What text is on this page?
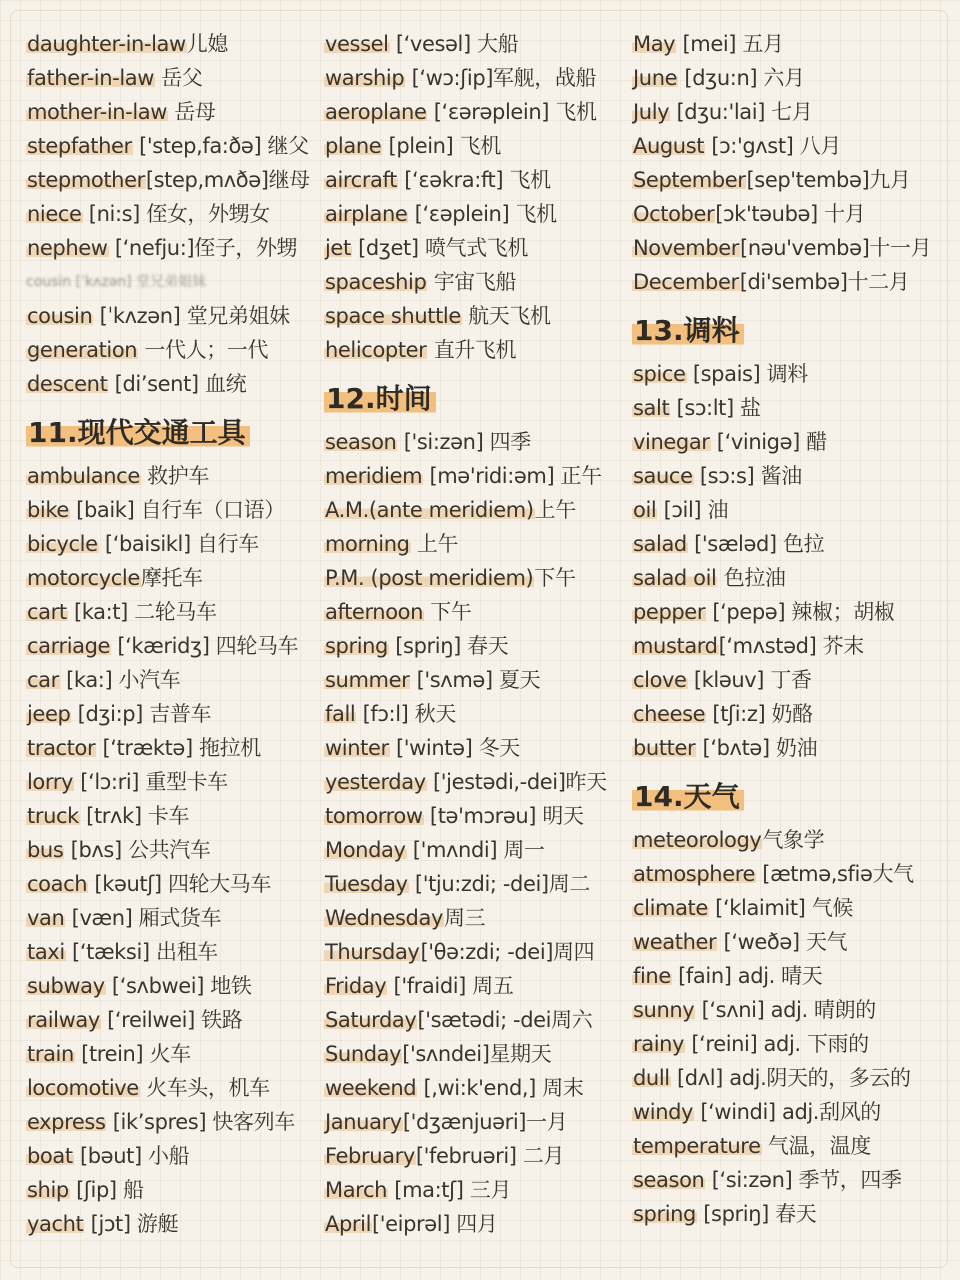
daughter-in-law儿媳
father-in-law 岳父
mother-in-law 岳母
stepfather ['step,fa:ðə] 继父
stepmother[step,mʌðə]继母
niece [ni:s] 侄女，外甥女
nephew [‘nefju:]侄子，外甥
cousin [ˈkʌzən] 堂兄弟姐妹
cousin [ˈkʌzən] 堂兄弟姐妹
generation 一代人；一代
descent [di’sent] 血统
11.现代交通工具
ambulance 救护车
bike [baik] 自行车（口语）
bicycle [‘baisikl] 自行车
motorcycle摩托车
cart [ka:t] 二轮马车
carriage [‘kæridʒ] 四轮马车
car [ka:] 小汽车
jeep [dʒi:p] 吉普车
tractor [‘træktə] 拖拉机
lorry [‘lɔ:ri] 重型卡车
truck [trʌk] 卡车
bus [bʌs] 公共汽车
coach [kəutʃ] 四轮大马车
van [væn] 厢式货车
taxi [‘tæksi] 出租车
subway [‘sʌbwei] 地铁
railway [‘reilwei] 铁路
train [trein] 火车
locomotive 火车头，机车
express [ik’spres] 快客列车
boat [bəut] 小船
ship [ʃip] 船
yacht [jɔt] 游艇
vessel [‘vesəl] 大船
warship [‘wɔ:ʃip]军舰，战船
aeroplane [‘ɛərəplein] 飞机
plane [plein] 飞机
aircraft [‘ɛəkra:ft] 飞机
airplane [‘ɛəplein] 飞机
jet [dʒet] 喷气式飞机
spaceship 宇宙飞船
space shuttle 航天飞机
helicopter 直升飞机
12.时间
season ['si:zən] 四季
meridiem [mə'ridi:əm] 正午
A.M.(ante meridiem)上午
morning 上午
P.M. (post meridiem)下午
afternoon 下午
spring [spriŋ] 春天
summer ['sʌmə] 夏天
fall [fɔ:l] 秋天
winter ['wintə] 冬天
yesterday ['jestədi,-dei]昨天
tomorrow [tə'mɔrəu] 明天
Monday ['mʌndi] 周一
Tuesday ['tju:zdi; -dei]周二
Wednesday周三
Thursday['θə:zdi; -dei]周四
Friday ['fraidi] 周五
Saturday['sætədi; -dei周六
Sunday['sʌndei]星期天
weekend [,wi:k'end,] 周末
January['dʒænjuəri]一月
February['februəri] 二月
March [ma:tʃ] 三月
April['eiprəl] 四月
May [mei] 五月
June [dʒu:n] 六月
July [dʒu:'lai] 七月
August [ɔ:'gʌst] 八月
September[sep'tembə]九月
October[ɔk'təubə] 十月
November[nəu'vembə]十一月
December[di'sembə]十二月
13.调料
spice [spais] 调料
salt [sɔ:lt] 盐
vinegar [‘vinigə] 醋
sauce [sɔ:s] 酱油
oil [ɔil] 油
salad ['sæləd] 色拉
salad oil 色拉油
pepper [‘pepə] 辣椒；胡椒
mustard[‘mʌstəd] 芥末
clove [kləuv] 丁香
cheese [tʃi:z] 奶酪
butter [‘bʌtə] 奶油
14.天气
meteorology气象学
atmosphere [ætmə,sfiə大气
climate [‘klaimit] 气候
weather [‘weðə] 天气
fine [fain] adj. 晴天
sunny [‘sʌni] adj. 晴朗的
rainy [‘reini] adj. 下雨的
dull [dʌl] adj.阴天的，多云的
windy [‘windi] adj.刮风的
temperature 气温，温度
season [‘si:zən] 季节，四季
spring [spriŋ] 春天
